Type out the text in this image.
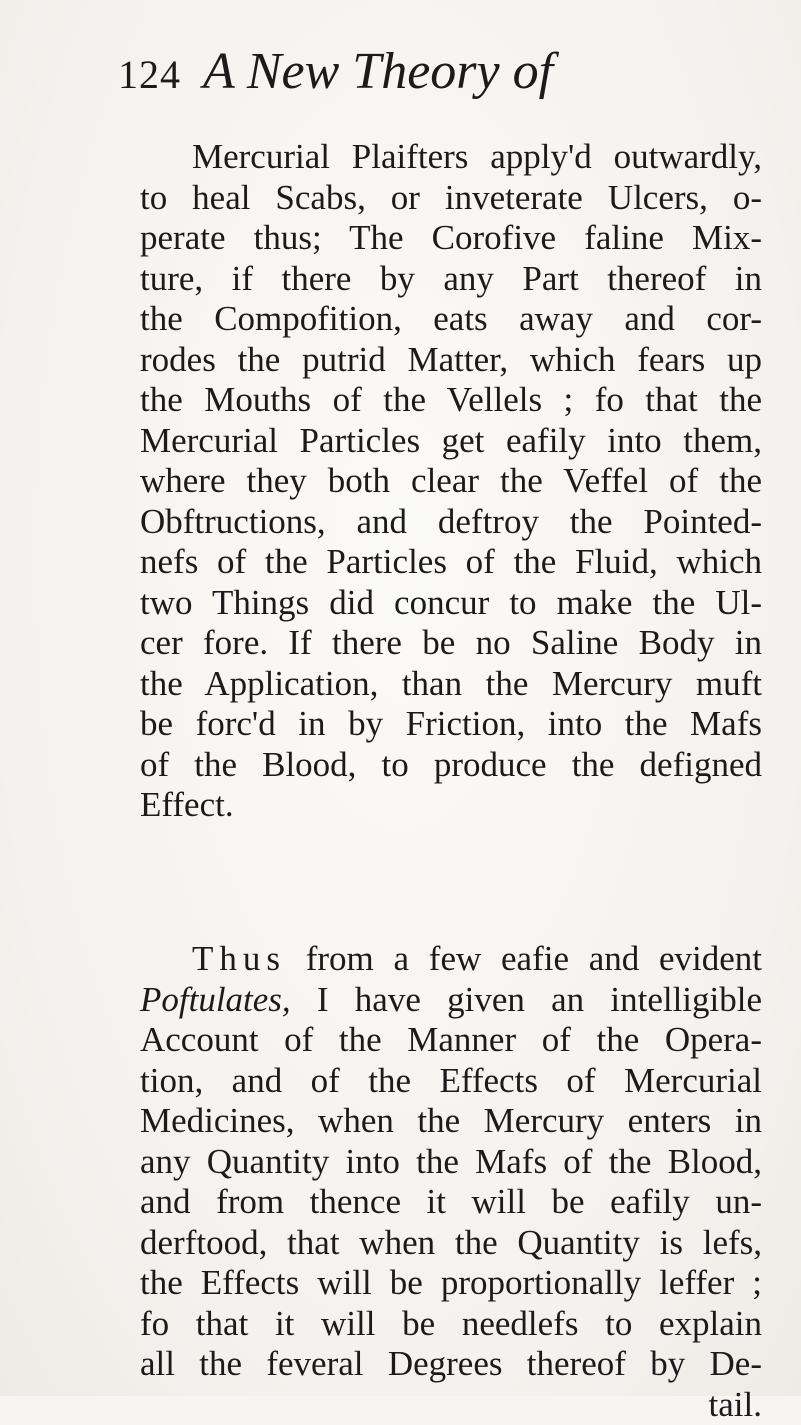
124 A New Theory of
Mercurial Plaifters apply'd outwardly,
to heal Scabs, or inveterate Ulcers, o-
perate thus; The Corofive faline Mix-
ture, if there by any Part thereof in
the Compofition, eats away and cor-
rodes the putrid Matter, which fears up
the Mouths of the Vellels ; fo that the
Mercurial Particles get eafily into them,
where they both clear the Veffel of the
Obftructions, and deftroy the Pointed-
nefs of the Particles of the Fluid, which
two Things did concur to make the Ul-
cer fore. If there be no Saline Body in
the Application, than the Mercury muft
be forc'd in by Friction, into the Mafs
of the Blood, to produce the defigned
Effect.
Thus from a few eafie and evident
Poftulates, I have given an intelligible
Account of the Manner of the Opera-
tion, and of the Effects of Mercurial
Medicines, when the Mercury enters in
any Quantity into the Mafs of the Blood,
and from thence it will be eafily un-
derftood, that when the Quantity is lefs,
the Effects will be proportionally leffer ;
fo that it will be needlefs to explain
all the feveral Degrees thereof by De-
tail.
